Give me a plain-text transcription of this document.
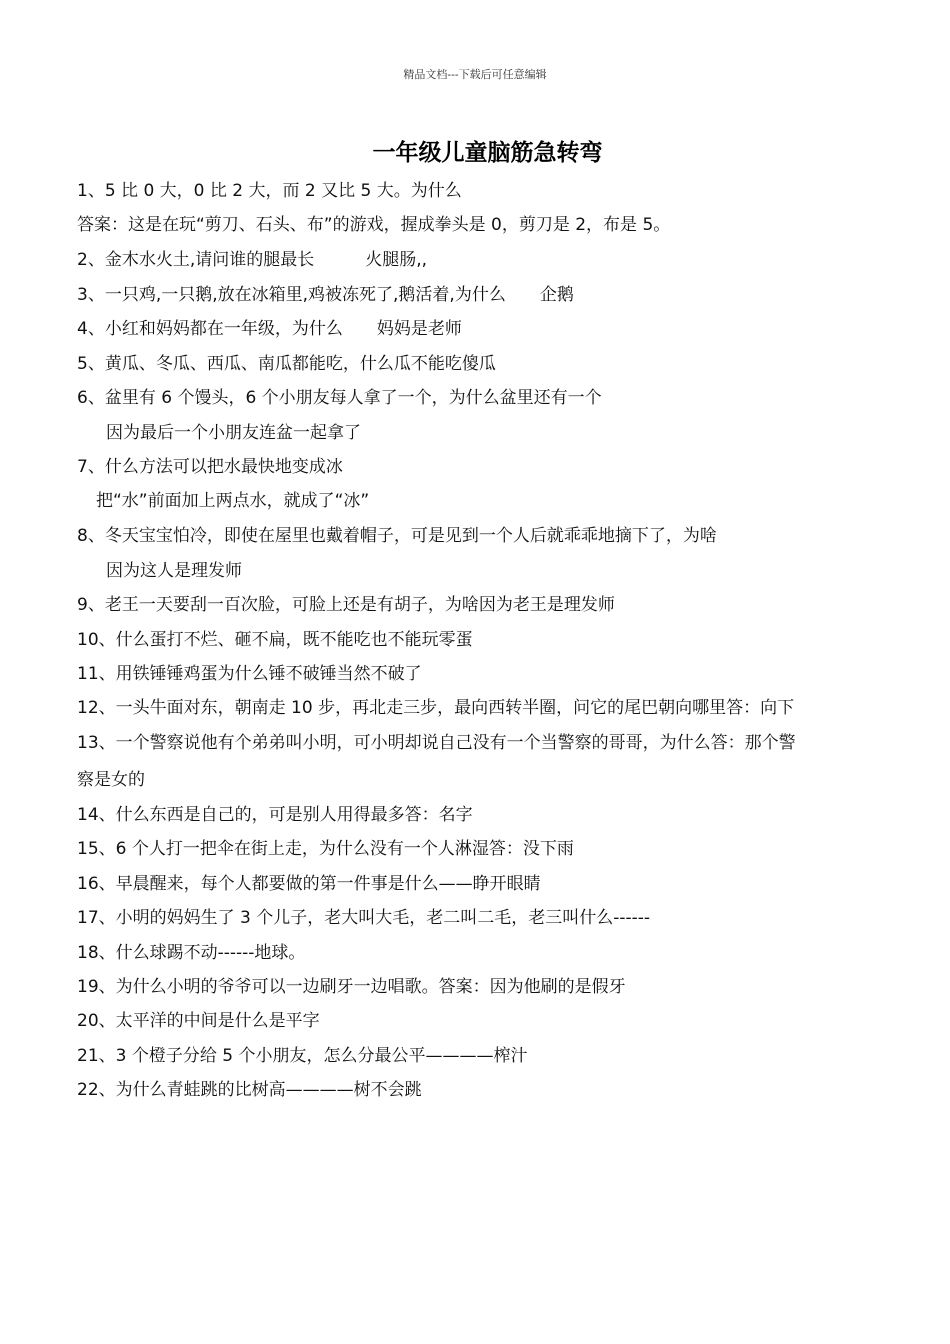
精品文档---下载后可任意编辑
一年级儿童脑筋急转弯
1、5 比 0 大，0 比 2 大，而 2 又比 5 大。为什么
答案：这是在玩“剪刀、石头、布”的游戏，握成拳头是 0，剪刀是 2，布是 5。
2、金木水火土,请问谁的腿最长　　　火腿肠,,
3、一只鸡,一只鹅,放在冰箱里,鸡被冻死了,鹅活着,为什么　　企鹅
4、小红和妈妈都在一年级，为什么　　妈妈是老师
5、黄瓜、冬瓜、西瓜、南瓜都能吃，什么瓜不能吃傻瓜
6、盆里有 6 个馒头，6 个小朋友每人拿了一个，为什么盆里还有一个
因为最后一个小朋友连盆一起拿了
7、什么方法可以把水最快地变成冰
把“水”前面加上两点水，就成了“冰”
8、冬天宝宝怕冷，即使在屋里也戴着帽子，可是见到一个人后就乖乖地摘下了，为啥
因为这人是理发师
9、老王一天要刮一百次脸，可脸上还是有胡子，为啥因为老王是理发师
10、什么蛋打不烂、砸不扁，既不能吃也不能玩零蛋
11、用铁锤锤鸡蛋为什么锤不破锤当然不破了
12、一头牛面对东，朝南走 10 步，再北走三步，最向西转半圈，问它的尾巴朝向哪里答：向下
13、一个警察说他有个弟弟叫小明，可小明却说自己没有一个当警察的哥哥，为什么答：那个警
察是女的
14、什么东西是自己的，可是别人用得最多答：名字
15、6 个人打一把伞在街上走，为什么没有一个人淋湿答：没下雨
16、早晨醒来，每个人都要做的第一件事是什么——睁开眼睛
17、小明的妈妈生了 3 个儿子，老大叫大毛，老二叫二毛，老三叫什么------
18、什么球踢不动------地球。
19、为什么小明的爷爷可以一边刷牙一边唱歌。答案：因为他刷的是假牙
20、太平洋的中间是什么是平字
21、3 个橙子分给 5 个小朋友，怎么分最公平————榨汁
22、为什么青蛙跳的比树高————树不会跳
